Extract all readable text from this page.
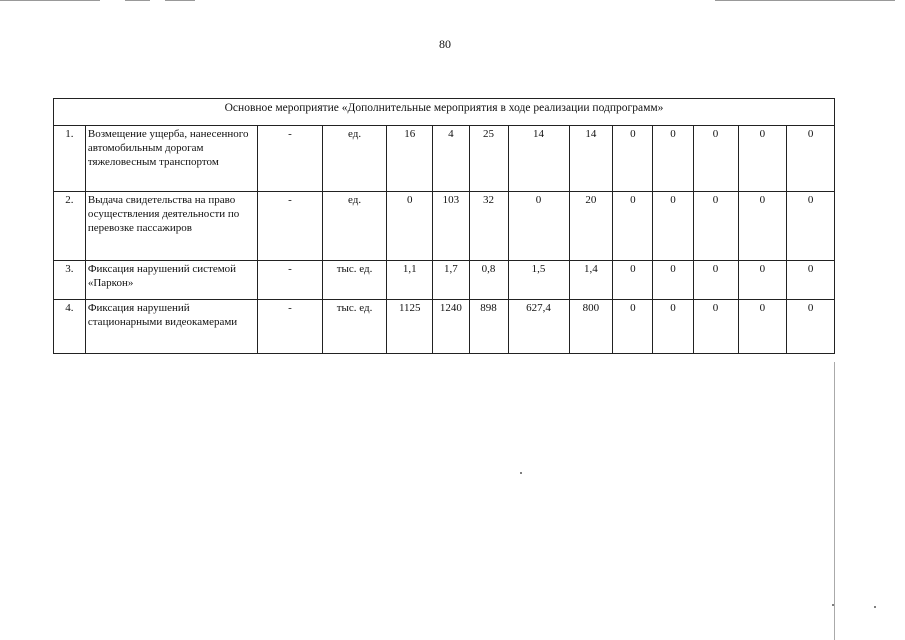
80
Основное мероприятие «Дополнительные мероприятия в ходе реализации подпрограмм»													
1.	Возмещение ущерба, нанесенного автомобильным дорогам тяжеловесным транспортом	-	ед.	16	4	25	14	14	0	0	0	0	0
2.	Выдача свидетельства на право осуществления деятельности по перевозке пассажиров	-	ед.	0	103	32	0	20	0	0	0	0	0
3.	Фиксация нарушений системой «Паркон»	-	тыс. ед.	1,1	1,7	0,8	1,5	1,4	0	0	0	0	0
4.	Фиксация нарушений стационарными видеокамерами	-	тыс. ед.	1125	1240	898	627,4	800	0	0	0	0	0
